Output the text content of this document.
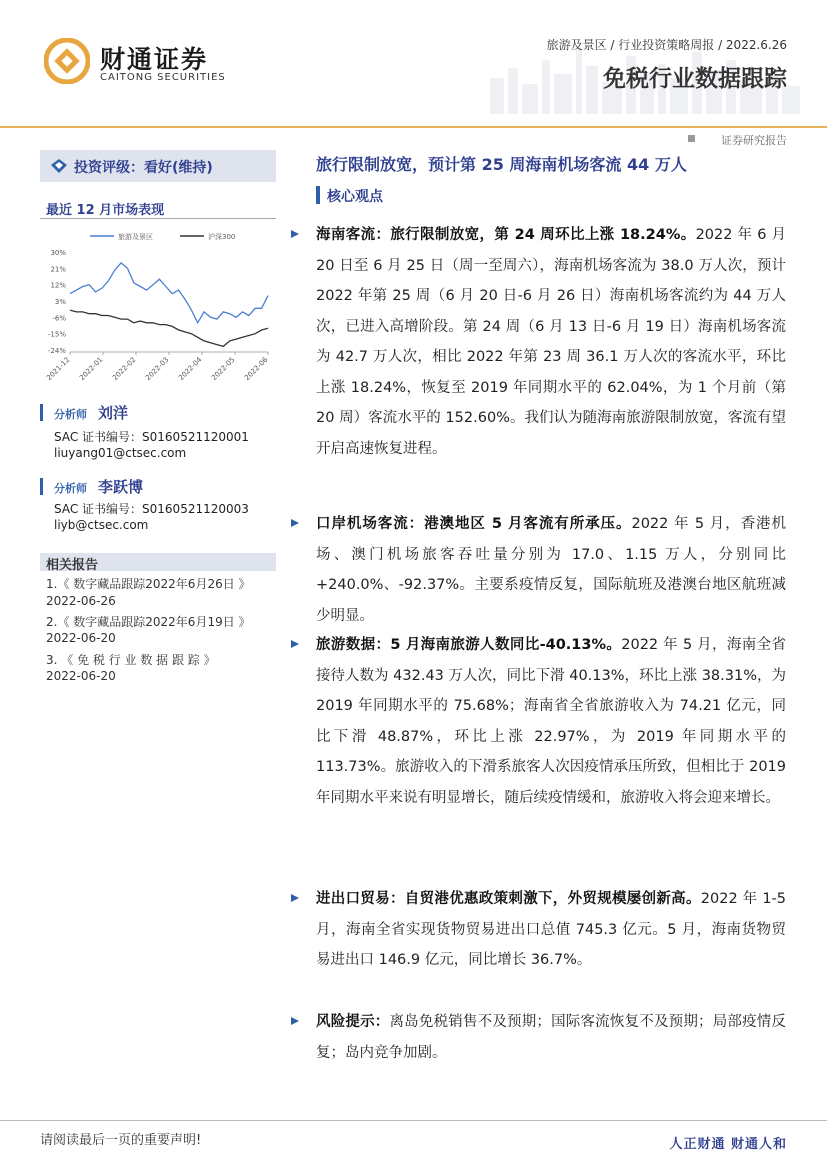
财通证券
CAITONG SECURITIES
旅游及景区 / 行业投资策略周报 / 2022.6.26
免税行业数据跟踪
证券研究报告
投资评级：看好(维持)
最近 12 月市场表现
30%
21%
12%
3%
-6%
-15%
-24%
2021-12 2022-01 2022-02 2022-03 2022-04 2022-05 2022-06
旅游及景区	沪深300
分析师 刘洋
SAC 证书编号：S0160521120001
liuyang01@ctsec.com
分析师 李跃博
SAC 证书编号：S0160521120003
liyb@ctsec.com
相关报告
1.《 数字藏品跟踪2022年6月26日 》
2022-06-26
2.《 数字藏品跟踪2022年6月19日 》
2022-06-20
3. 《 免 税 行 业 数 据 跟 踪 》
2022-06-20
旅行限制放宽，预计第 25 周海南机场客流 44 万人
核心观点
海南客流：旅行限制放宽，第 24 周环比上涨 18.24%。2022 年 6 月 20 日至 6 月 25 日（周一至周六），海南机场客流为 38.0 万人次，预计 2022 年第 25 周（6 月 20 日-6 月 26 日）海南机场客流约为 44 万人次，已进入高增阶段。第 24 周（6 月 13 日-6 月 19 日）海南机场客流为 42.7 万人次，相比 2022 年第 23 周 36.1 万人次的客流水平，环比上涨 18.24%，恢复至 2019 年同期水平的 62.04%，为 1 个月前（第 20 周）客流水平的 152.60%。我们认为随海南旅游限制放宽，客流有望开启高速恢复进程。
口岸机场客流：港澳地区 5 月客流有所承压。2022 年 5 月，香港机场、澳门机场旅客吞吐量分别为 17.0、1.15 万人，分别同比+240.0%、-92.37%。主要系疫情反复，国际航班及港澳台地区航班减少明显。
旅游数据：5 月海南旅游人数同比-40.13%。2022 年 5 月，海南全省接待人数为 432.43 万人次，同比下滑 40.13%，环比上涨 38.31%，为 2019 年同期水平的 75.68%；海南省全省旅游收入为 74.21 亿元，同比下滑 48.87%，环比上涨 22.97%，为 2019 年同期水平的 113.73%。旅游收入的下滑系旅客人次因疫情承压所致，但相比于 2019 年同期水平来说有明显增长，随后续疫情缓和，旅游收入将会迎来增长。
进出口贸易：自贸港优惠政策刺激下，外贸规模屡创新高。2022 年 1-5 月，海南全省实现货物贸易进出口总值 745.3 亿元。5 月，海南货物贸易进出口 146.9 亿元，同比增长 36.7%。
风险提示：离岛免税销售不及预期；国际客流恢复不及预期；局部疫情反复；岛内竞争加剧。
请阅读最后一页的重要声明!	人正财通 财通人和
